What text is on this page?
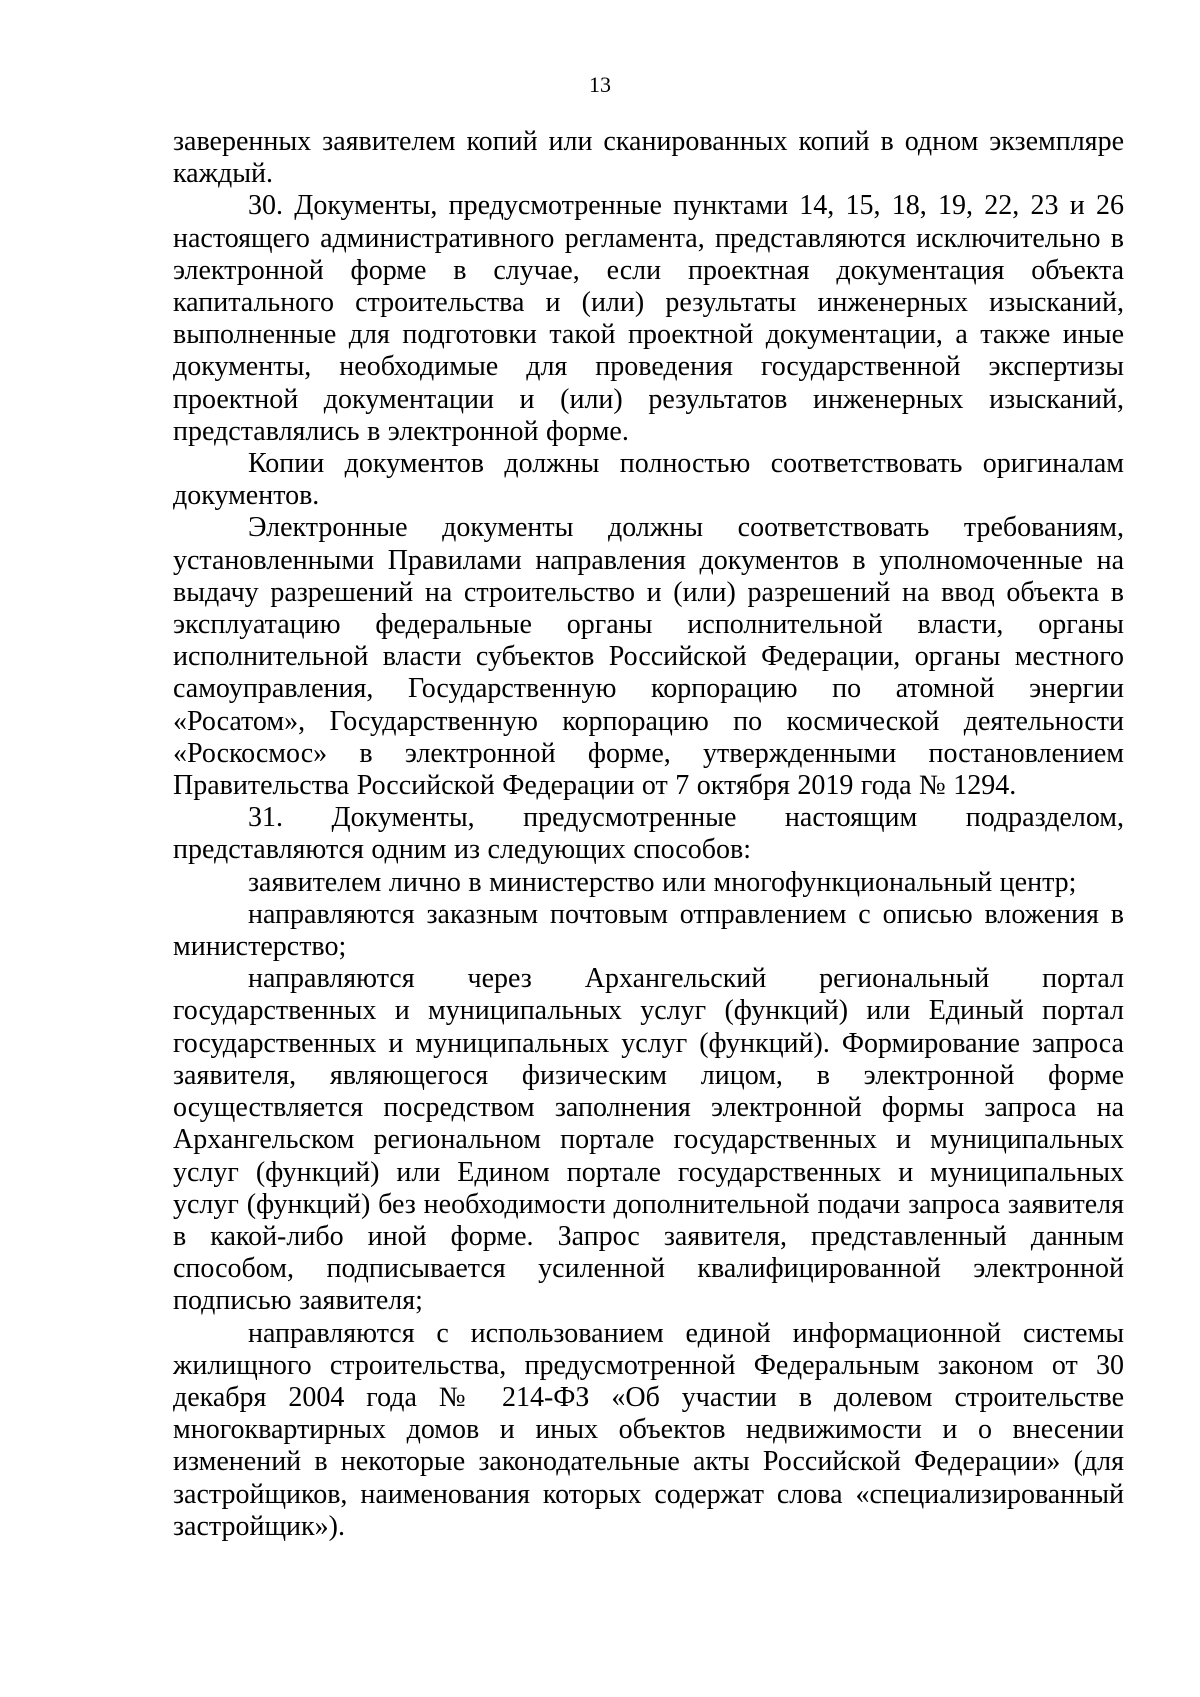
13

заверенных заявителем копий или сканированных копий в одном экземпляре каждый.

30. Документы, предусмотренные пунктами 14, 15, 18, 19, 22, 23 и 26 настоящего административного регламента, представляются исключительно в электронной форме в случае, если проектная документация объекта капитального строительства и (или) результаты инженерных изысканий, выполненные для подготовки такой проектной документации, а также иные документы, необходимые для проведения государственной экспертизы проектной документации и (или) результатов инженерных изысканий, представлялись в электронной форме.

Копии документов должны полностью соответствовать оригиналам документов.

Электронные документы должны соответствовать требованиям, установленными Правилами направления документов в уполномоченные на выдачу разрешений на строительство и (или) разрешений на ввод объекта в эксплуатацию федеральные органы исполнительной власти, органы исполнительной власти субъектов Российской Федерации, органы местного самоуправления, Государственную корпорацию по атомной энергии «Росатом», Государственную корпорацию по космической деятельности «Роскосмос» в электронной форме, утвержденными постановлением Правительства Российской Федерации от 7 октября 2019 года № 1294.

31. Документы, предусмотренные настоящим подразделом, представляются одним из следующих способов:

заявителем лично в министерство или многофункциональный центр;

направляются заказным почтовым отправлением с описью вложения в министерство;

направляются через Архангельский региональный портал государственных и муниципальных услуг (функций) или Единый портал государственных и муниципальных услуг (функций). Формирование запроса заявителя, являющегося физическим лицом, в электронной форме осуществляется посредством заполнения электронной формы запроса на Архангельском региональном портале государственных и муниципальных услуг (функций) или Едином портале государственных и муниципальных услуг (функций) без необходимости дополнительной подачи запроса заявителя в какой-либо иной форме. Запрос заявителя, представленный данным способом, подписывается усиленной квалифицированной электронной подписью заявителя;

направляются с использованием единой информационной системы жилищного строительства, предусмотренной Федеральным законом от 30 декабря 2004 года № 214-ФЗ «Об участии в долевом строительстве многоквартирных домов и иных объектов недвижимости и о внесении изменений в некоторые законодательные акты Российской Федерации» (для застройщиков, наименования которых содержат слова «специализированный застройщик»).
